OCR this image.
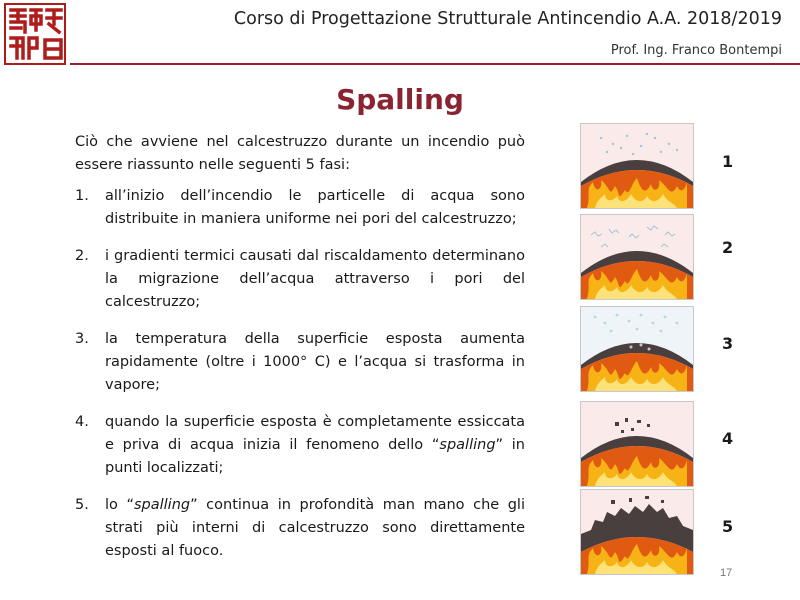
Corso di Progettazione Strutturale Antincendio A.A. 2018/2019
Prof. Ing. Franco Bontempi
Spalling

Ciò che avviene nel calcestruzzo durante un incendio può essere riassunto nelle seguenti 5 fasi:

1. all’inizio dell’incendio le particelle di acqua sono distribuite in maniera uniforme nei pori del calcestruzzo;
2. i gradienti termici causati dal riscaldamento determinano la migrazione dell’acqua attraverso i pori del calcestruzzo;
3. la temperatura della superficie esposta aumenta rapidamente (oltre i 1000° C) e l’acqua si trasforma in vapore;
4. quando la superficie esposta è completamente essiccata e priva di acqua inizia il fenomeno dello “spalling” in punti localizzati;
5. lo “spalling” continua in profondità man mano che gli strati più interni di calcestruzzo sono direttamente esposti al fuoco.
1
2
3
4
5
17
